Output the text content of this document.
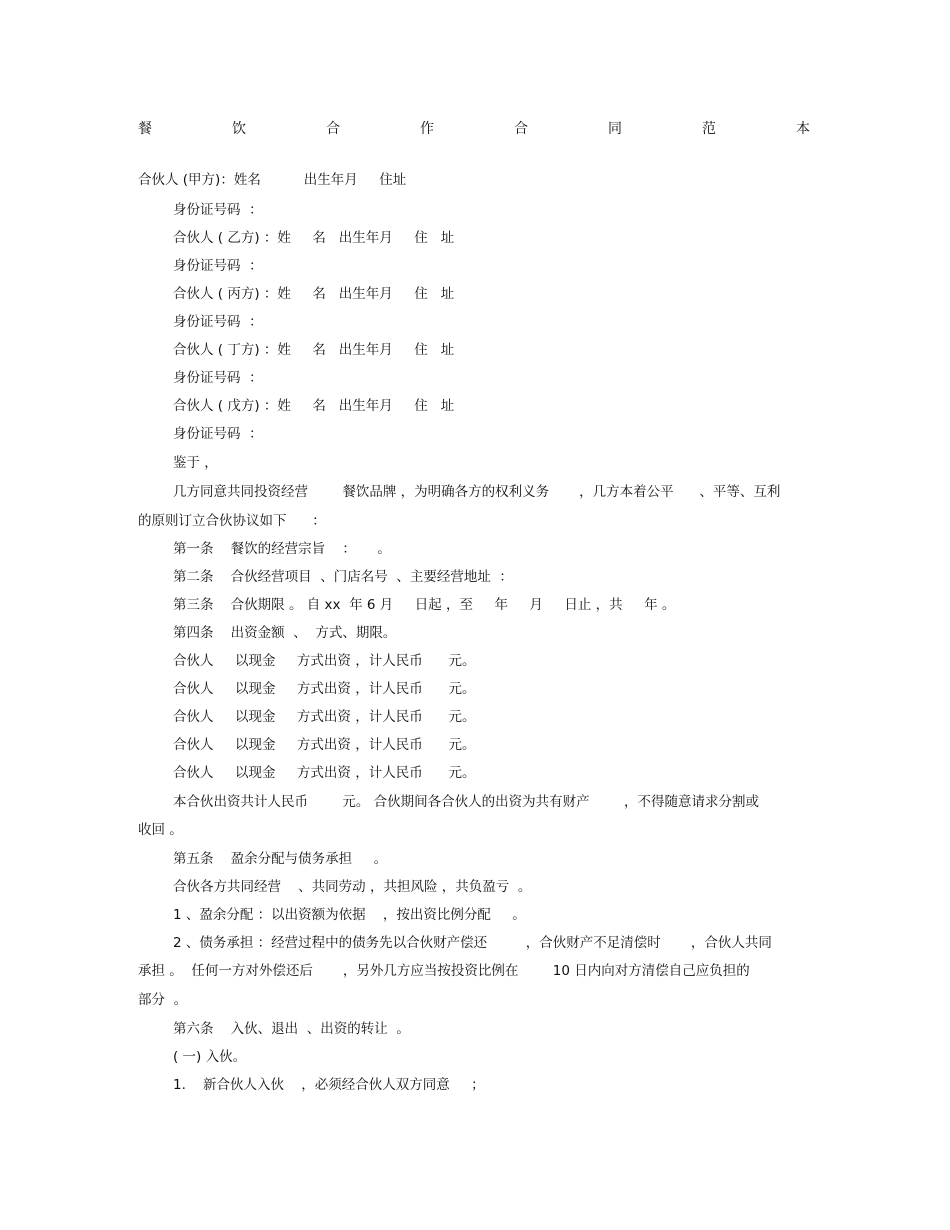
餐	饮	合	作	合	同	范	本
合伙人 (甲方)：姓名          出生年月     住址
身份证号码  ：
合伙人 ( 乙方) ：姓     名   出生年月     住   址
身份证号码  ：
合伙人 ( 丙方) ：姓     名   出生年月     住   址
身份证号码  ：
合伙人 ( 丁方) ：姓     名   出生年月     住   址
身份证号码  ：
合伙人 ( 戊方) ：姓     名   出生年月     住   址
身份证号码  ：
鉴于 ，
几方同意共同投资经营        餐饮品牌 ，为明确各方的权利义务       ，几方本着公平      、平等、互利
的原则订立合伙协议如下      ：
第一条    餐饮的经营宗旨    ：     。
第二条    合伙经营项目  、门店名号  、主要经营地址  ：
第三条    合伙期限 。 自 xx  年 6 月     日起 ，至     年     月     日止 ，共     年 。
第四条    出资金额  、  方式、期限。
合伙人     以现金     方式出资 ，计人民币      元。
合伙人     以现金     方式出资 ，计人民币      元。
合伙人     以现金     方式出资 ，计人民币      元。
合伙人     以现金     方式出资 ，计人民币      元。
合伙人     以现金     方式出资 ，计人民币      元。
本合伙出资共计人民币        元。 合伙期间各合伙人的出资为共有财产        ，不得随意请求分割或
收回 。
第五条    盈余分配与债务承担     。
合伙各方共同经营    、共同劳动 ，共担风险 ，共负盈亏  。
1 、盈余分配 ：以出资额为依据    ，按出资比例分配     。
2 、债务承担 ：经营过程中的债务先以合伙财产偿还         ，合伙财产不足清偿时       ，合伙人共同
承担 。  任何一方对外偿还后       ，另外几方应当按投资比例在        10 日内向对方清偿自己应负担的
部分  。
第六条    入伙、退出  、出资的转让  。
( 一) 入伙。
1.    新合伙人入伙    ，必须经合伙人双方同意     ；
